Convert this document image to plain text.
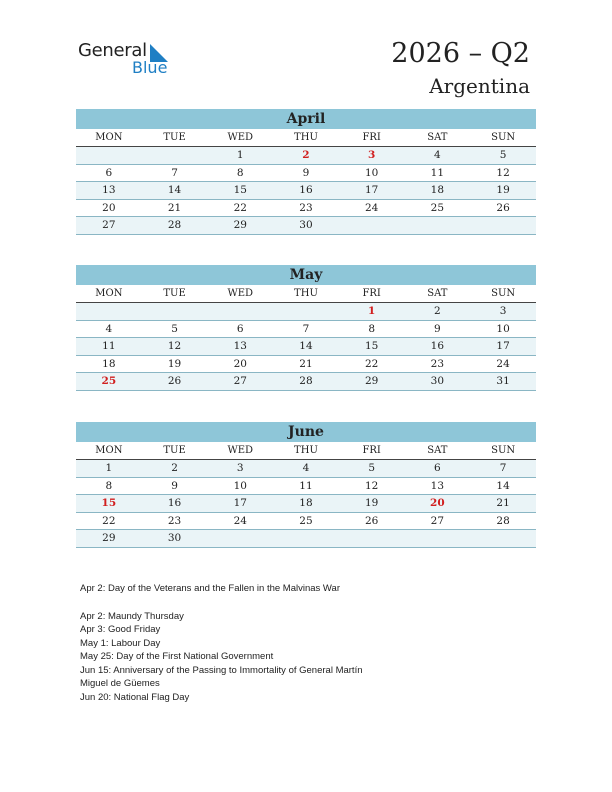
General
Blue	2026 – Q2
Argentina
April
MON	TUE	WED	THU	FRI	SAT	SUN
		1	2	3	4	5
6	7	8	9	10	11	12
13	14	15	16	17	18	19
20	21	22	23	24	25	26
27	28	29	30			
May
MON	TUE	WED	THU	FRI	SAT	SUN
				1	2	3
4	5	6	7	8	9	10
11	12	13	14	15	16	17
18	19	20	21	22	23	24
25	26	27	28	29	30	31
June
MON	TUE	WED	THU	FRI	SAT	SUN
1	2	3	4	5	6	7
8	9	10	11	12	13	14
15	16	17	18	19	20	21
22	23	24	25	26	27	28
29	30					
Apr 2: Day of the Veterans and the Fallen in the Malvinas War
Apr 2: Maundy Thursday
Apr 3: Good Friday
May 1: Labour Day
May 25: Day of the First National Government
Jun 15: Anniversary of the Passing to Immortality of General Martín
Miguel de Güemes
Jun 20: National Flag Day
